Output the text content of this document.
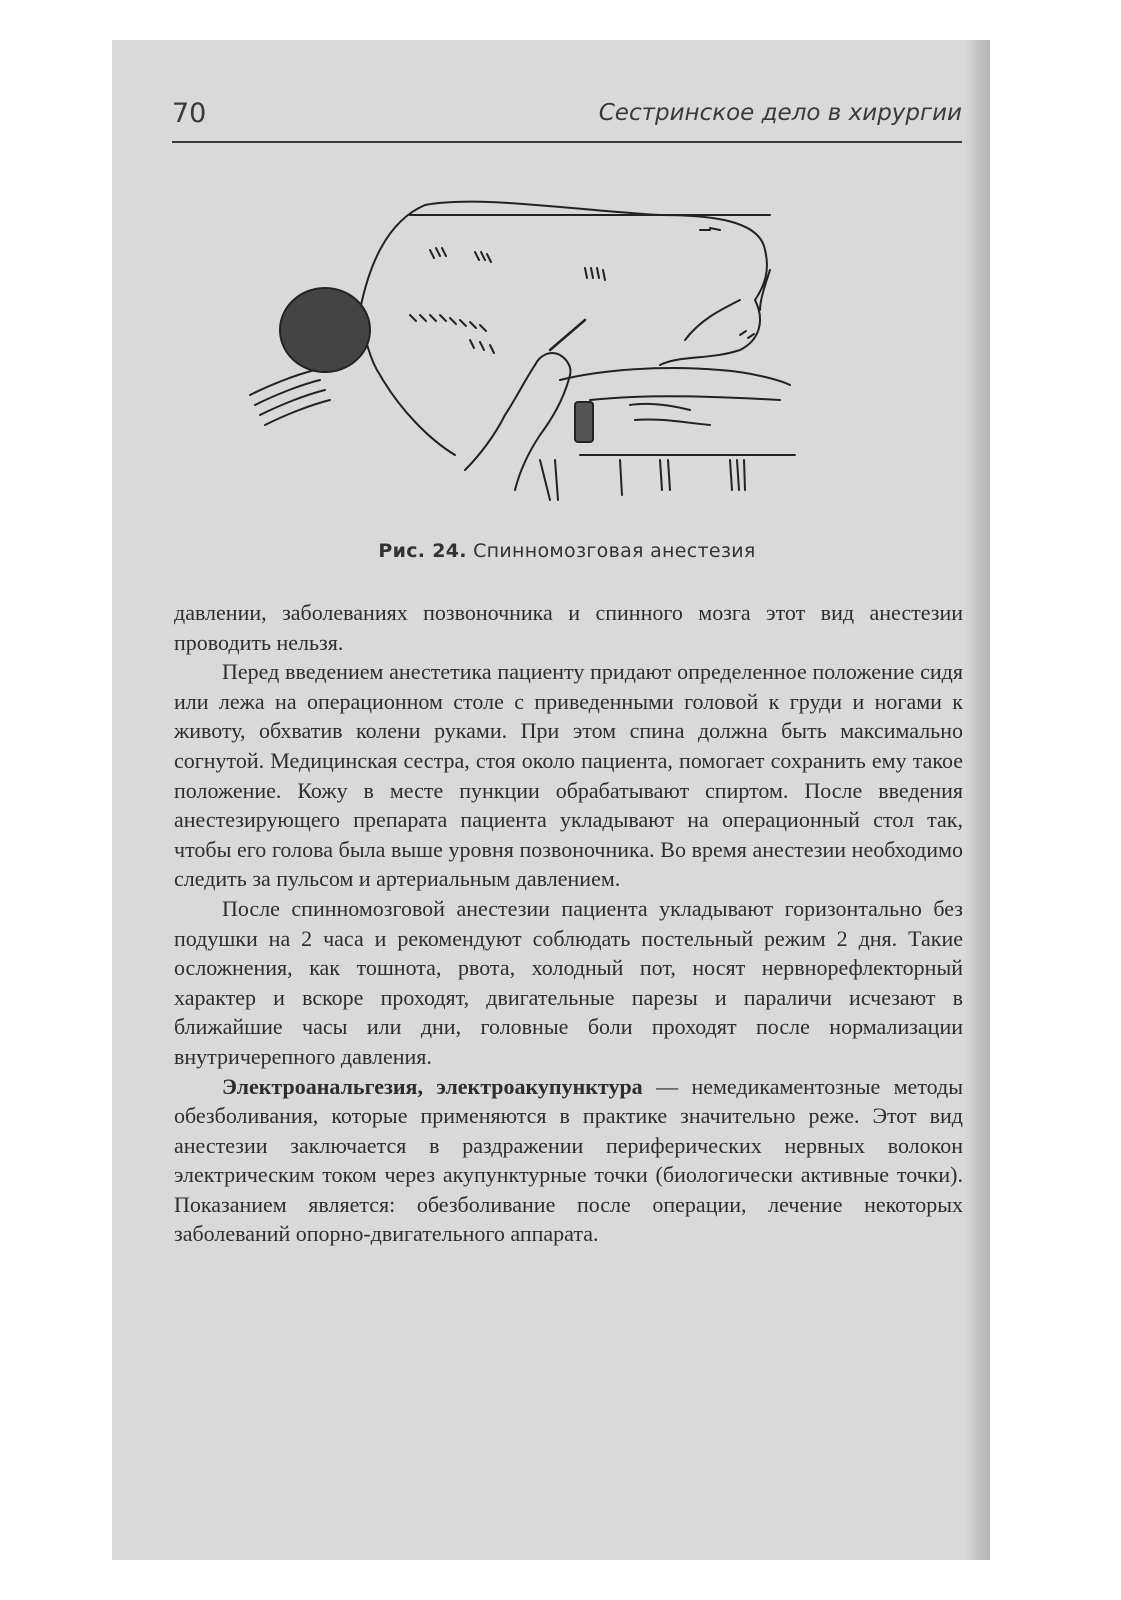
70	Сестринское дело в хирургии
Рис. 24. Спинномозговая анестезия

давлении, заболеваниях позвоночника и спинного мозга этот вид анестезии проводить нельзя.

Перед введением анестетика пациенту придают определенное положение сидя или лежа на операционном столе с приведенными головой к груди и ногами к животу, обхватив колени руками. При этом спина должна быть максимально согнутой. Медицинская сестра, стоя около пациента, помогает сохранить ему такое положение. Кожу в месте пункции обрабатывают спиртом. После введения анестезирующего препарата пациента укладывают на операционный стол так, чтобы его голова была выше уровня позвоночника. Во время анестезии необходимо следить за пульсом и артериальным давлением.

После спинномозговой анестезии пациента укладывают горизонтально без подушки на 2 часа и рекомендуют соблюдать постельный режим 2 дня. Такие осложнения, как тошнота, рвота, холодный пот, носят нервнорефлекторный характер и вскоре проходят, двигательные парезы и параличи исчезают в ближайшие часы или дни, головные боли проходят после нормализации внутричерепного давления.

Электроанальгезия, электроакупунктура — немедикаментозные методы обезболивания, которые применяются в практике значительно реже. Этот вид анестезии заключается в раздражении периферических нервных волокон электрическим током через акупунктурные точки (биологически активные точки). Показанием является: обезболивание после операции, лечение некоторых заболеваний опорно-двигательного аппарата.
